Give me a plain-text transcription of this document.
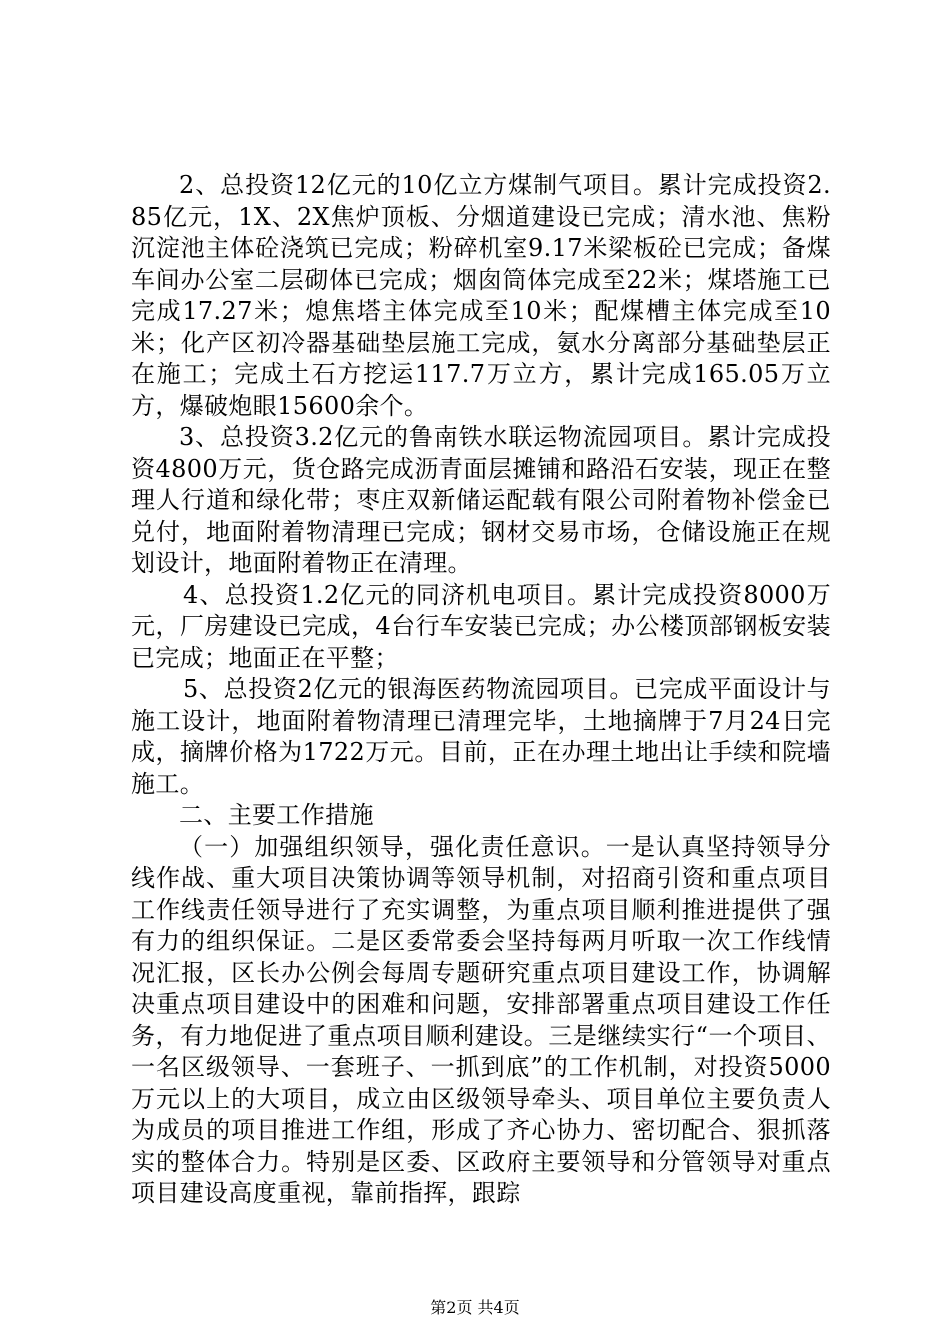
2、总投资12亿元的10亿立方煤制气项目。累计完成投资2.85亿元，1X、2X焦炉顶板、分烟道建设已完成；清水池、焦粉沉淀池主体砼浇筑已完成；粉碎机室9.17米梁板砼已完成；备煤车间办公室二层砌体已完成；烟囱筒体完成至22米；煤塔施工已完成17.27米；熄焦塔主体完成至10米；配煤槽主体完成至10米；化产区初冷器基础垫层施工完成，氨水分离部分基础垫层正在施工；完成土石方挖运117.7万立方，累计完成165.05万立方，爆破炮眼15600余个。

3、总投资3.2亿元的鲁南铁水联运物流园项目。累计完成投资4800万元，货仓路完成沥青面层摊铺和路沿石安装，现正在整理人行道和绿化带；枣庄双新储运配载有限公司附着物补偿金已兑付，地面附着物清理已完成；钢材交易市场，仓储设施正在规划设计，地面附着物正在清理。

4、总投资1.2亿元的同济机电项目。累计完成投资8000万元，厂房建设已完成，4台行车安装已完成；办公楼顶部钢板安装已完成；地面正在平整；

5、总投资2亿元的银海医药物流园项目。已完成平面设计与施工设计，地面附着物清理已清理完毕，土地摘牌于7月24日完成，摘牌价格为1722万元。目前，正在办理土地出让手续和院墙施工。

二、主要工作措施

（一）加强组织领导，强化责任意识。一是认真坚持领导分线作战、重大项目决策协调等领导机制，对招商引资和重点项目工作线责任领导进行了充实调整，为重点项目顺利推进提供了强有力的组织保证。二是区委常委会坚持每两月听取一次工作线情况汇报，区长办公例会每周专题研究重点项目建设工作，协调解决重点项目建设中的困难和问题，安排部署重点项目建设工作任务，有力地促进了重点项目顺利建设。三是继续实行“一个项目、一名区级领导、一套班子、一抓到底”的工作机制，对投资5000万元以上的大项目，成立由区级领导牵头、项目单位主要负责人为成员的项目推进工作组，形成了齐心协力、密切配合、狠抓落实的整体合力。特别是区委、区政府主要领导和分管领导对重点项目建设高度重视，靠前指挥，跟踪

第2页 共4页
